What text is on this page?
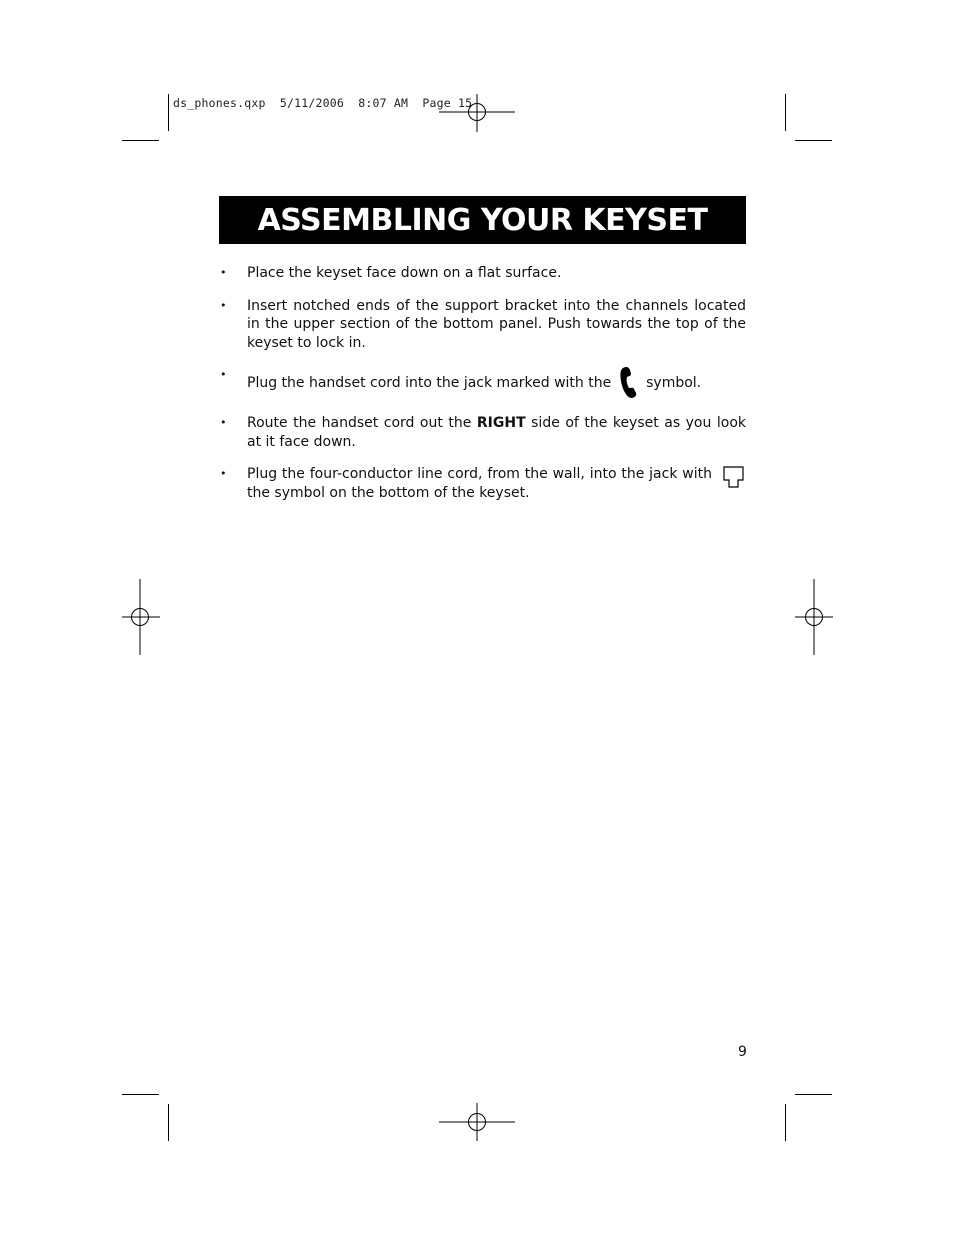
ds_phones.qxp  5/11/2006  8:07 AM  Page 15
ASSEMBLING YOUR KEYSET
• Place the keyset face down on a flat surface.
• Insert notched ends of the support bracket into the channels located in the upper section of the bottom panel. Push towards the top of the keyset to lock in.
•
Plug the handset cord into the jack marked with the symbol.
• Route the handset cord out the RIGHT side of the keyset as you look at it face down.
• Plug the four-conductor line cord, from the wall, into the jack with the symbol on the bottom of the keyset.
9
